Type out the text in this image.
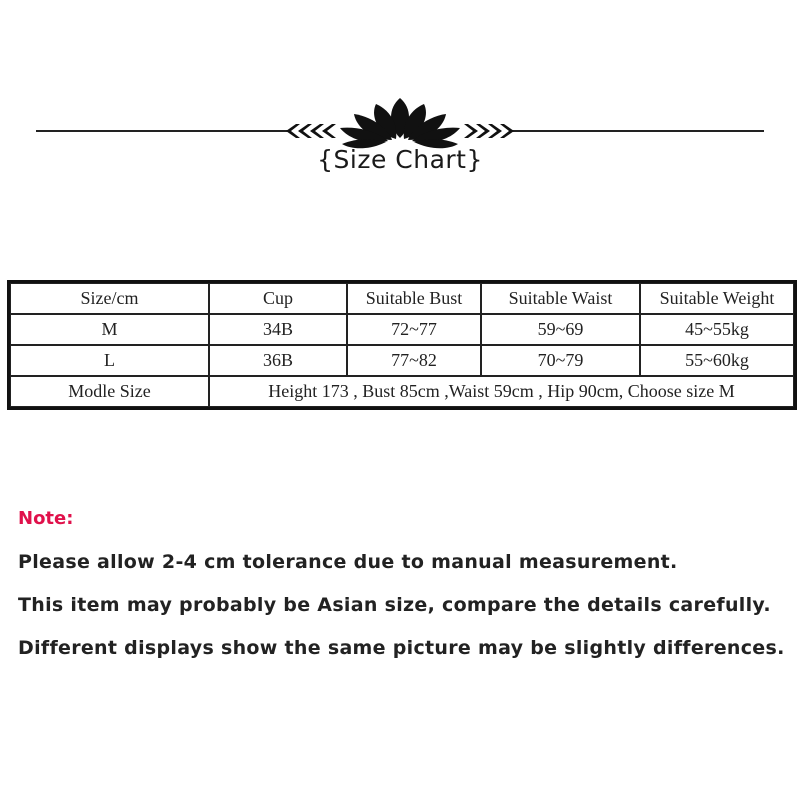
{Size Chart}
Size/cm	Cup	Suitable Bust	Suitable Waist	Suitable Weight
M	34B	72~77	59~69	45~55kg
L	36B	77~82	70~79	55~60kg
Modle Size	Height 173 , Bust 85cm ,Waist 59cm , Hip 90cm, Choose size M			
Note:
Please allow 2-4 cm tolerance due to manual measurement.
This item may probably be Asian size, compare the details carefully.
Different displays show the same picture may be slightly differences.
